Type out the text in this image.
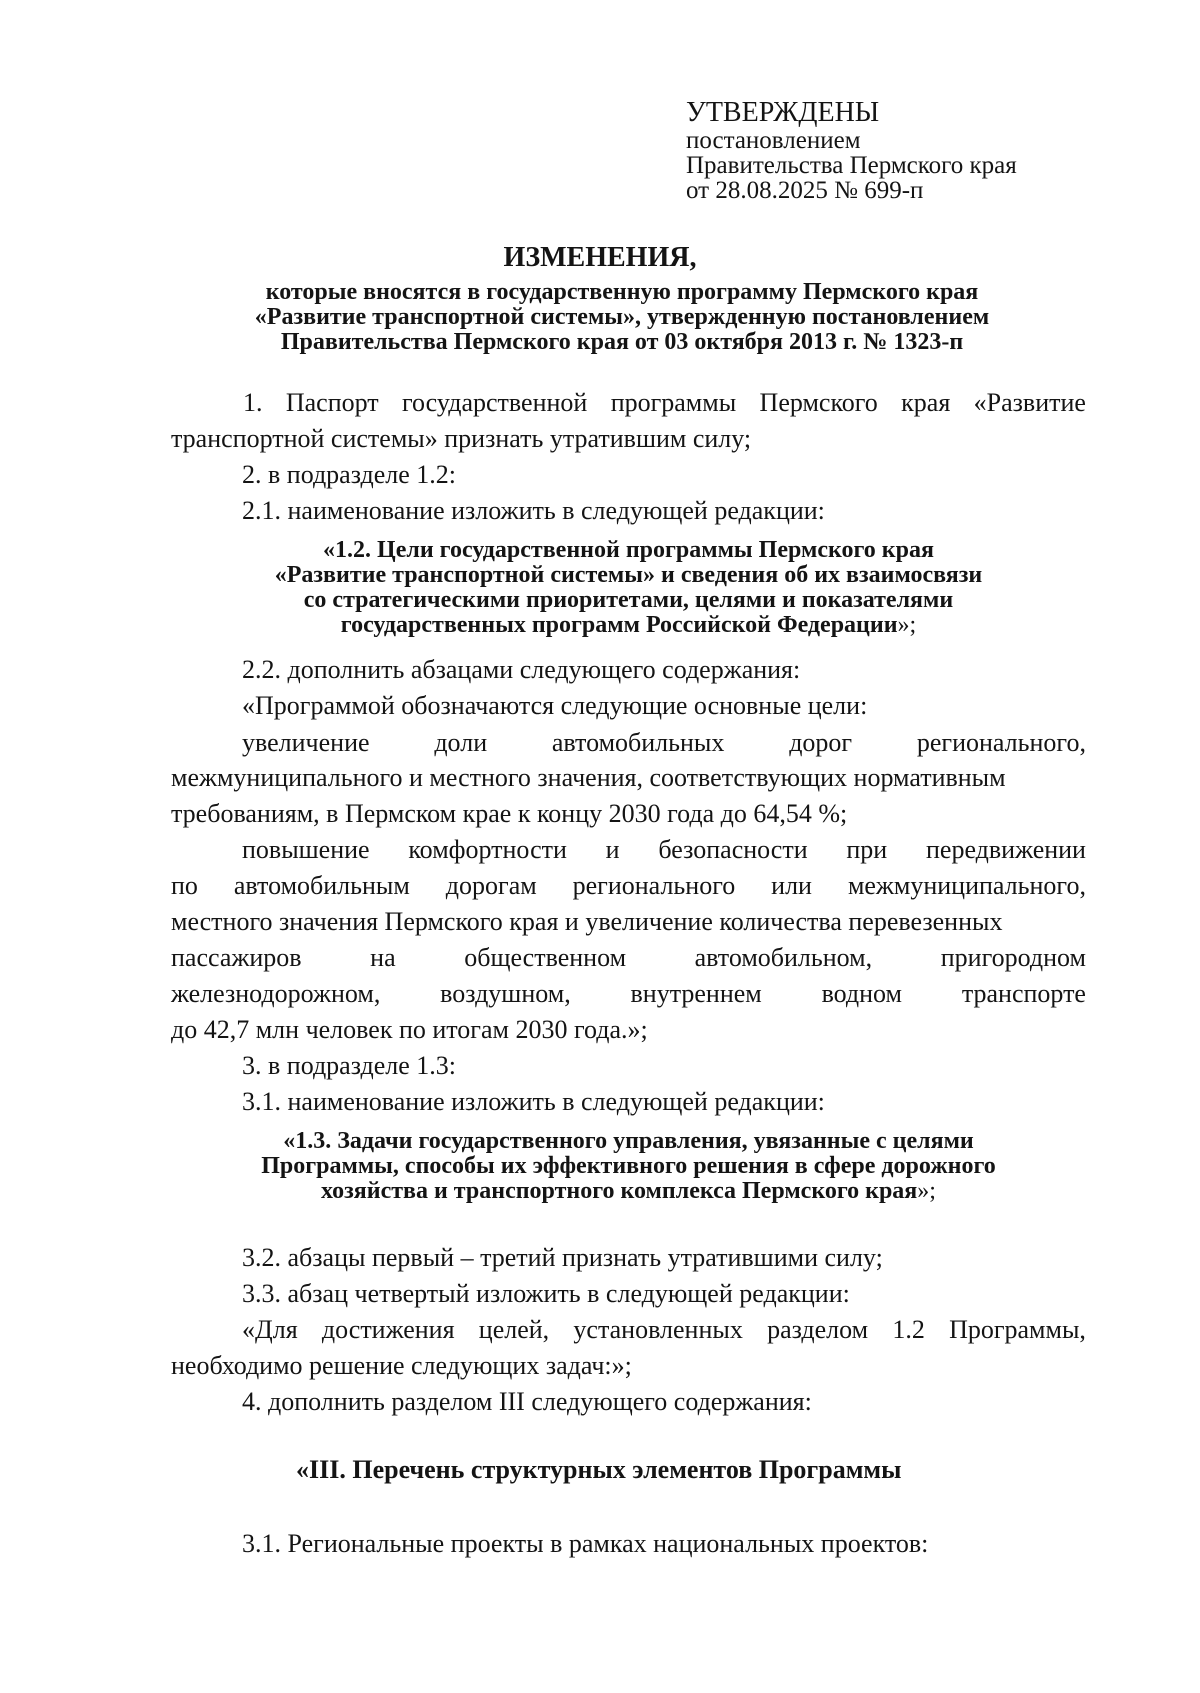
УТВЕРЖДЕНЫ
постановлением
Правительства Пермского края
от 28.08.2025 № 699-п
ИЗМЕНЕНИЯ,
которые вносятся в государственную программу Пермского края
«Развитие транспортной системы», утвержденную постановлением
Правительства Пермского края от 03 октября 2013 г. № 1323-п
1. Паспорт государственной программы Пермского края «Развитие
транспортной системы» признать утратившим силу;
2. в подразделе 1.2:
2.1. наименование изложить в следующей редакции:
«1.2. Цели государственной программы Пермского края
«Развитие транспортной системы» и сведения об их взаимосвязи
со стратегическими приоритетами, целями и показателями
государственных программ Российской Федерации»;
2.2. дополнить абзацами следующего содержания:
«Программой обозначаются следующие основные цели:
увеличение доли автомобильных дорог регионального,
межмуниципального и местного значения, соответствующих нормативным
требованиям, в Пермском крае к концу 2030 года до 64,54 %;
повышение комфортности и безопасности при передвижении
по автомобильным дорогам регионального или межмуниципального,
местного значения Пермского края и увеличение количества перевезенных
пассажиров	на	общественном	автомобильном,	пригородном
железнодорожном, воздушном, внутреннем водном транспорте
до 42,7 млн человек по итогам 2030 года.»;
3. в подразделе 1.3:
3.1. наименование изложить в следующей редакции:
«1.3. Задачи государственного управления, увязанные с целями
Программы, способы их эффективного решения в сфере дорожного
хозяйства и транспортного комплекса Пермского края»;
3.2. абзацы первый – третий признать утратившими силу;
3.3. абзац четвертый изложить в следующей редакции:
«Для достижения целей, установленных разделом 1.2 Программы,
необходимо решение следующих задач:»;
4. дополнить разделом III следующего содержания:
«III. Перечень структурных элементов Программы
3.1. Региональные проекты в рамках национальных проектов:
